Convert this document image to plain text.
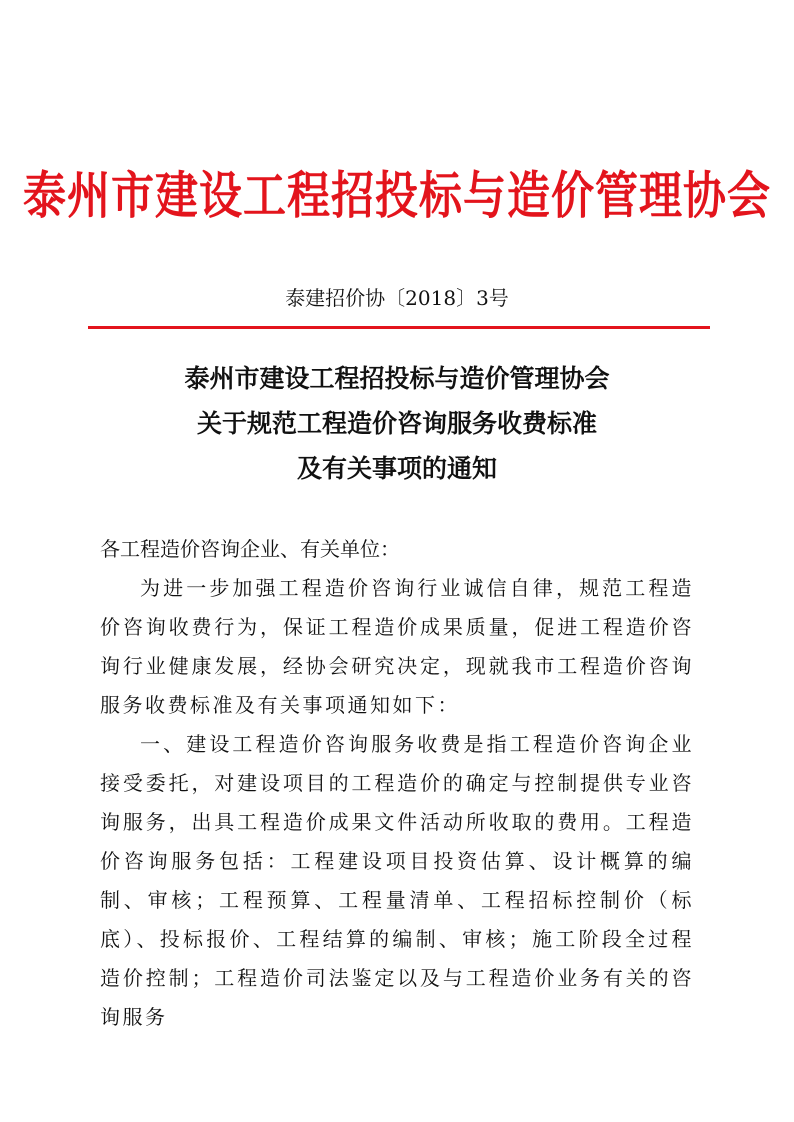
泰州市建设工程招投标与造价管理协会
泰建招价协〔2018〕3号
泰州市建设工程招投标与造价管理协会
关于规范工程造价咨询服务收费标准
及有关事项的通知

各工程造价咨询企业、有关单位：

为进一步加强工程造价咨询行业诚信自律，规范工程造价咨询收费行为，保证工程造价成果质量，促进工程造价咨询行业健康发展，经协会研究决定，现就我市工程造价咨询服务收费标准及有关事项通知如下：

一、建设工程造价咨询服务收费是指工程造价咨询企业接受委托，对建设项目的工程造价的确定与控制提供专业咨询服务，出具工程造价成果文件活动所收取的费用。工程造价咨询服务包括：工程建设项目投资估算、设计概算的编制、审核；工程预算、工程量清单、工程招标控制价（标底）、投标报价、工程结算的编制、审核；施工阶段全过程造价控制；工程造价司法鉴定以及与工程造价业务有关的咨询服务
